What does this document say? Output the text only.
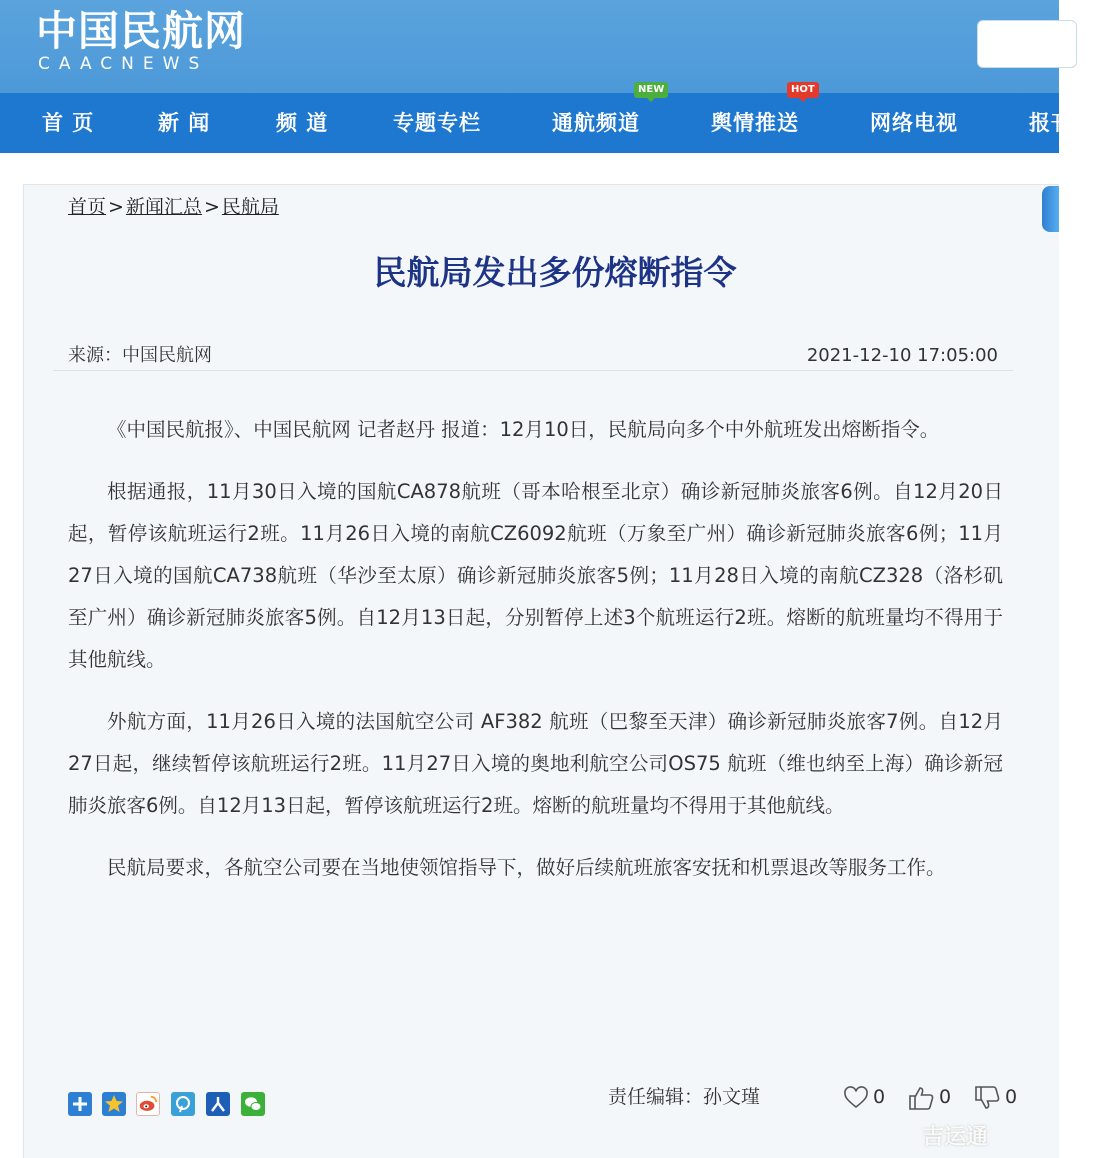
中国民航网
CAACNEWS
首 页	新 闻	频 道	专题专栏	通航频道
NEW
舆情推送
HOT
网络电视	报刊
首页 > 新闻汇总 > 民航局
民航局发出多份熔断指令
来源：中国民航网	2021-12-10 17:05:00

《中国民航报》、中国民航网 记者赵丹 报道：12月10日，民航局向多个中外航班发出熔断指令。

根据通报，11月30日入境的国航CA878航班（哥本哈根至北京）确诊新冠肺炎旅客6例。自12月20日起，暂停该航班运行2班。11月26日入境的南航CZ6092航班（万象至广州）确诊新冠肺炎旅客6例；11月27日入境的国航CA738航班（华沙至太原）确诊新冠肺炎旅客5例；11月28日入境的南航CZ328（洛杉矶至广州）确诊新冠肺炎旅客5例。自12月13日起，分别暂停上述3个航班运行2班。熔断的航班量均不得用于其他航线。

外航方面，11月26日入境的法国航空公司 AF382 航班（巴黎至天津）确诊新冠肺炎旅客7例。自12月27日起，继续暂停该航班运行2班。11月27日入境的奥地利航空公司OS75 航班（维也纳至上海）确诊新冠肺炎旅客6例。自12月13日起，暂停该航班运行2班。熔断的航班量均不得用于其他航线。

民航局要求，各航空公司要在当地使领馆指导下，做好后续航班旅客安抚和机票退改等服务工作。

责任编辑：孙文瑾	0	0	0
吉运通
